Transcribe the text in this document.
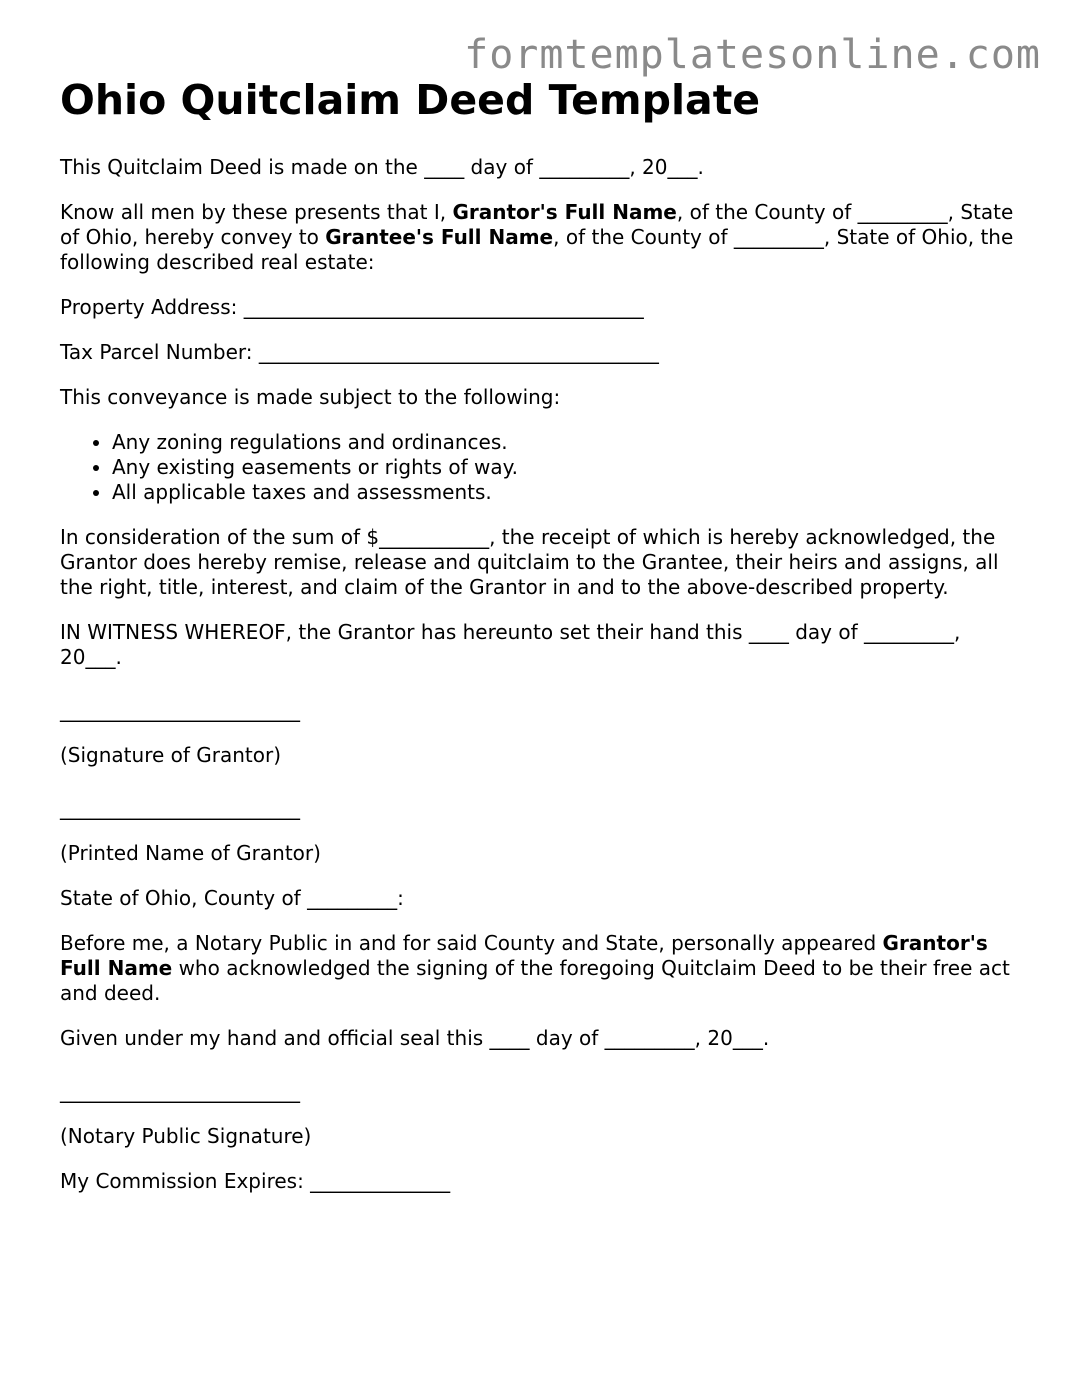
formtemplatesonline.com
Ohio Quitclaim Deed Template

This Quitclaim Deed is made on the ____ day of _________, 20___.

Know all men by these presents that I, Grantor's Full Name, of the County of _________, State of Ohio, hereby convey to Grantee's Full Name, of the County of _________, State of Ohio, the following described real estate:

Property Address: ________________________________________

Tax Parcel Number: ________________________________________

This conveyance is made subject to the following:

• Any zoning regulations and ordinances.
• Any existing easements or rights of way.
• All applicable taxes and assessments.

In consideration of the sum of $___________, the receipt of which is hereby acknowledged, the Grantor does hereby remise, release and quitclaim to the Grantee, their heirs and assigns, all the right, title, interest, and claim of the Grantor in and to the above-described property.

IN WITNESS WHEREOF, the Grantor has hereunto set their hand this ____ day of _________, 20___.

________________________

(Signature of Grantor)

________________________

(Printed Name of Grantor)

State of Ohio, County of _________:

Before me, a Notary Public in and for said County and State, personally appeared Grantor's Full Name who acknowledged the signing of the foregoing Quitclaim Deed to be their free act and deed.

Given under my hand and official seal this ____ day of _________, 20___.

________________________

(Notary Public Signature)

My Commission Expires: ______________
